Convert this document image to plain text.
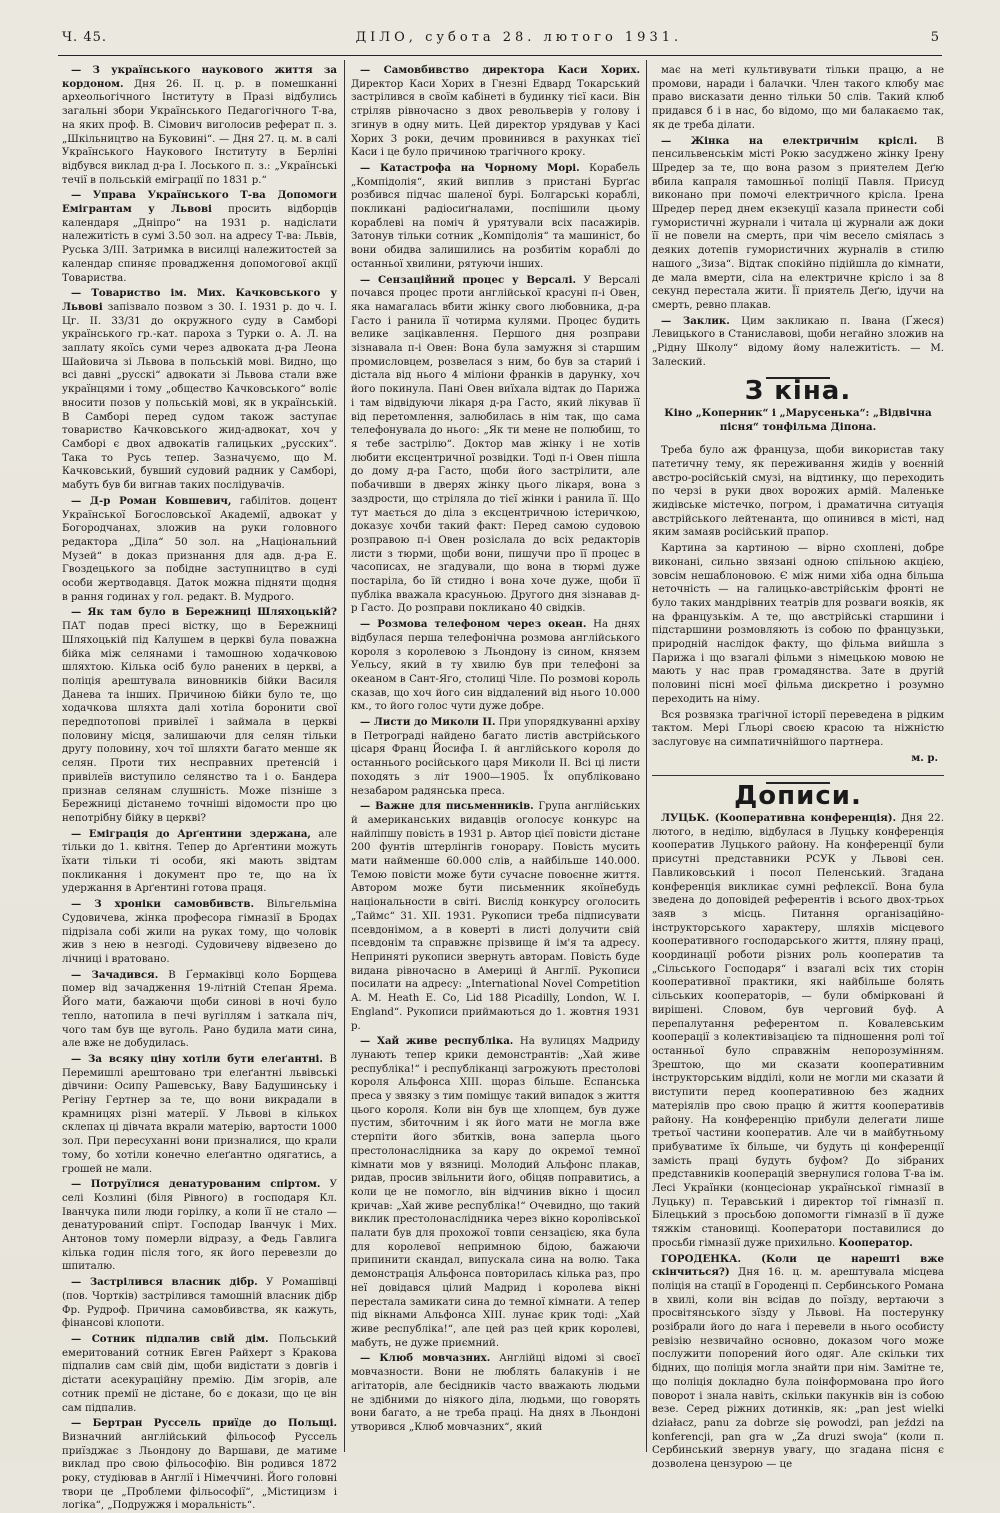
Ч. 45.	ДІЛО, субота 28. лютого 1931.	5

— З українського наукового життя за кордоном. Дня 26. II. ц. р. в помешканні археольогічного Інституту в Празі відбулись загальні збори Українського Педагогічного Т-ва, на яких проф. В. Сімович виголосив реферат п. з. „Шкільництво на Буковині“. — Дня 27. ц. м. в салі Українського Наукового Інституту в Берліні відбувся виклад д-ра І. Лоського п. з.: „Українські течії в польській еміграції по 1831 р.“

— Управа Українського Т-ва Допомоги Емігрантам у Львові просить відборців календаря „Дніпро“ на 1931 р. надіслати належитість в сумі 3.50 зол. на адресу Т-ва: Львів, Руська 3/III. Затримка в висилці належитостей за календар спиняє провадження допомогової акції Товариства.

— Товариство ім. Мих. Качковського у Львові запізвало позвом з 30. I. 1931 р. до ч. I. Цг. II. 33/31 до окружного суду в Самборі українського гр.-кат. пароха з Турки о. А. Л. на заплату якоїсь суми через адвоката д-ра Леона Шайовича зі Львова в польській мові. Видно, що всі давні „русскі“ адвокати зі Львова стали вже українцями і тому „общество Качковського“ воліє вносити позов у польській мові, як в українській. В Самборі перед судом також заступає товариство Качковського жид-адвокат, хоч у Самборі є двох адвокатів галицьких „русских“. Така то Русь тепер. Зазначуємо, що М. Качковський, бувший судовий радник у Самборі, мабуть був би вигнав таких послідувачів.

— Д-р Роман Ковшевич, габілітов. доцент Української Богословської Академії, адвокат у Богородчанах, зложив на руки головного редактора „Діла“ 50 зол. на „Національний Музей“ в доказ признання для адв. д-ра Е. Гвоздецького за побідне заступництво в суді особи жертводавця. Даток можна підняти щодня в рання годинах у гол. редакт. В. Мудрого.

— Як там було в Бережниці Шляхоцькій? ПАТ подав пресі вістку, що в Бережниці Шляхоцькій під Калушем в церкві була поважна бійка між селянами і тамошною ходачковою шляхтою. Кілька осіб було ранених в церкві, а поліція арештувала виновників бійки Василя Данева та інших. Причиною бійки було те, що ходачкова шляхта далі хотіла боронити свої передпотопові привілеї і займала в церкві половину місця, залишаючи для селян тільки другу половину, хоч тої шляхти багато менше як селян. Проти тих несправних претенсій і привілеїв виступило селянство та і о. Бандера признав селянам слушність. Може пізніше з Бережниці дістанемо точніші відомости про цю непотрібну бійку в церкві?

— Еміграція до Арґентини здержана, але тільки до 1. квітня. Тепер до Арґентини можуть їхати тільки ті особи, які мають звідтам покликання і документ про те, що на їх удержання в Арґентині готова праця.

— З хроніки самовбивств. Вільгельміна Судовичева, жінка професора гімназії в Бродах підрізала собі жили на руках тому, що чоловік жив з нею в незгоді. Судовичеву відвезено до лічниці і вратовано.

— Зачадився. В Ґермаківці коло Борщева помер від зачадження 19-літній Степан Ярема. Його мати, бажаючи щоби синові в ночі було тепло, натопила в печі вугіллям і заткала піч, чого там був ще вуголь. Рано будила мати сина, але вже не добудилась.

— За всяку ціну хотіли бути елеґантні. В Перемишлі арештовано три елеґантні львівські дівчини: Осипу Рашевську, Ваву Бадушинську і Регіну Гертнер за те, що вони викрадали в крамницях різні матерії. У Львові в кількох склепах ці дівчата вкрали матерію, вартости 1000 зол. При пересуханні вони призналися, що крали тому, бо хотіли конечно елеґантно одягатись, а грошей не мали.

— Потруїлися денатурованим спіртом. У селі Козлині (біля Рівного) в господаря Кл. Іванчука пили люди горілку, а коли її не стало — денатурований спірт. Господар Іванчук і Мих. Антонов тому померли відразу, а Федь Гавлига кілька годин після того, як його перевезли до шпиталю.

— Застрілився власник дібр. У Ромашівці (пов. Чортків) застрілився тамошній власник дібр Фр. Рудроф. Причина самовбивства, як кажуть, фінансові клопоти.

— Сотник підпалив свій дім. Польський емеритований сотник Евген Райхерт з Кракова підпалив сам свій дім, щоби видістати з довгів і дістати асекураційну премію. Дім згорів, але сотник премії не дістане, бо є докази, що це він сам підпалив.

— Бертран Руссель приїде до Польщі. Визначний англійський фільософ Руссель приїзджає з Льондону до Варшави, де матиме виклад про свою фільософію. Він родився 1872 року, студіював в Англії і Німеччині. Його головні твори це „Проблеми фільософії“, „Містицизм і логіка“, „Подружжя і моральність“.

— Самовбивство директора Каси Хорих. Директор Каси Хорих в Гнезні Едвард Токарський застрілився в своїм кабінеті в будинку тієї каси. Він стріляв рівночасно з двох револьверів у голову і згинув в одну мить. Цей директор урядував у Касі Хорих 3 роки, дечим провинився в рахунках тієї Каси і це було причиною трагічного кроку.

— Катастрофа на Чорному Морі. Корабель „Компідолія“, який виплив з пристані Бурґас розбився підчас шаленої бурі. Болгарські кораблі, покликані радіосиґналами, поспішили цьому кораблеві на поміч й урятували всіх пасажирів. Затонув тільки сотник „Компідолія“ та машиніст, бо вони обидва залишились на розбитім кораблі до останньої хвилини, рятуючи інших.

— Сензаційний процес у Версалі. У Версалі почався процес проти англійської красуні п-і Овен, яка намагалась вбити жінку свого любовника, д-ра Гасто і ранила її чотирма кулями. Процес будить велике зацікавлення. Першого дня розправи зізнавала п-і Овен: Вона була замужня зі старшим промисловцем, розвелася з ним, бо був за старий і дістала від нього 4 міліони франків в дарунку, хоч його покинула. Пані Овен виїхала відтак до Парижа і там відвідуючи лікаря д-ра Гасто, який лікував її від перетомлення, залюбилась в нім так, що сама телефонувала до нього: „Як ти мене не полюбиш, то я тебе застрілю“. Доктор мав жінку і не хотів любити ексцентричної розвідки. Тоді п-і Овен пішла до дому д-ра Гасто, щоби його застрілити, але побачивши в дверях жінку цього лікаря, вона з заздрости, що стріляла до тієї жінки і ранила її. Що тут мається до діла з ексцентричною істеричкою, доказує хочби такий факт: Перед самою судовою розправою п-і Овен розіслала до всіх редакторів листи з тюрми, щоби вони, пишучи про її процес в часописах, не згадували, що вона в тюрмі дуже постаріла, бо їй стидно і вона хоче дуже, щоби її публіка вважала красуньою. Другого дня зізнавав д-р Гасто. До розправи покликано 40 свідків.

— Розмова телефоном через океан. На днях відбулася перша телефонічна розмова англійського короля з королевою з Льондону із сином, князем Уельсу, який в ту хвилю був при телефоні за океаном в Сант-Яго, столиці Чіле. По розмові король сказав, що хоч його син віддалений від нього 10.000 км., то його голос чути дуже добре.

— Листи до Миколи II. При упорядкуванні архіву в Петрограді найдено багато листів австрійського цісаря Франц Йосифа I. й англійського короля до останнього російського царя Миколи II. Всі ці листи походять з літ 1900—1905. Їх опубліковано незабаром радянська преса.

— Важне для письменників. Група англійських й американських видавців оголосує конкурс на найліпшу повість в 1931 р. Автор цієї повісти дістане 200 фунтів штерлінгів гонорару. Повість мусить мати найменше 60.000 слів, а найбільше 140.000. Темою повісти може бути сучасне повоєнне життя. Автором може бути письменник якоїнебудь національности в світі. Вислід конкурсу оголосить „Таймс“ 31. XII. 1931. Рукописи треба підписувати псевдонімом, а в коверті в листі долучити свій псевдонім та справжнє прізвище й ім'я та адресу. Неприняті рукописи звернуть авторам. Повість буде видана рівночасно в Америці й Англії. Рукописи посилати на адресу: „International Novel Competition A. M. Heath E. Co, Lid 188 Picadilly, London, W. I. England“. Рукописи приймаються до 1. жовтня 1931 р.

— Хай живе республіка. На вулицях Мадриду лунають тепер крики демонстрантів: „Хай живе республіка!“ і республіканці загрожують престолові короля Альфонса XIII. щораз більше. Еспанська преса у звязку з тим поміщує такий випадок з життя цього короля. Коли він був ще хлопцем, був дуже пустим, збиточним і як його мати не могла вже стерпіти його збитків, вона заперла цього престолонаслідника за кару до окремої темної кімнати мов у вязниці. Молодий Альфонс плакав, ридав, просив звільнити його, обіцяв поправитись, а коли це не помогло, він відчинив вікно і щосил кричав: „Хай живе республіка!“ Очевидно, що такий виклик престолонаслідника через вікно королівської палати був для прохожої товпи сензацією, яка була для королевої непримною бідою, бажаючи припинити скандал, випускала сина на волю. Така демонстрація Альфонса повторилась кілька раз, про неї довідався цілий Мадрид і королева вікні перестала замикати сина до темної кімнати. А тепер під вікнами Альфонса XIII. лунає крик тоді: „Хай живе республіка!“, але цей раз цей крик королеві, мабуть, не дуже приємний.

— Клюб мовчазних. Англійці відомі зі своєї мовчазности. Вони не люблять балакунів і не агітаторів, але бесідників часто вважають людьми не здібними до ніякого діла, людьми, що говорять вони багато, а не треба праці. На днях в Льондоні утворився „Клюб мовчазних“, який

має на меті культивувати тільки працю, а не промови, наради і балачки. Член такого клюбу має право висказати денно тільки 50 слів. Такий клюб придався б і в нас, бо відомо, що ми балакаємо так, як де треба ділати.

— Жінка на електричнім кріслі. В пенсильвенськім місті Рокю засуджено жінку Ірену Шредер за те, що вона разом з приятелем Деґю вбила капраля тамошньої поліції Павля. Присуд виконано при помочі електричного крісла. Ірена Шредер перед днем екзекуції казала принести собі гумористичні журнали і читала ці журнали аж доки її не повели на смерть, при чім весело сміялась з деяких дотепів гумористичних журналів в стилю нашого „Зиза“. Відтак спокійно підійшла до кімнати, де мала вмерти, сіла на електричне крісло і за 8 секунд перестала жити. Її приятель Деґю, ідучи на смерть, ревно плакав.

— Заклик. Цим закликаю п. Івана (Ґжеся) Левицького в Станиславові, щоби негайно зложив на „Рідну Школу“ відому йому належитість. — М. Залеский.

З кіна.
Кіно „Коперник“ і „Марусенька“: „Відвічна пісня“ тонфільма Діпона.

Треба було аж француза, щоби використав таку патетичну тему, як переживання жидів у воєнній австро-російській смузі, на відтинку, що переходить по черзі в руки двох ворожих армій. Маленьке жидівське містечко, погром, і драматична ситуація австрійського лейтенанта, що опинився в місті, над яким замаяв російський прапор.

Картина за картиною — вірно схоплені, добре виконані, сильно звязані одною спільною акцією, зовсім нешаблоновою. Є між ними хіба одна більша неточність — на галицько-австрійськім фронті не було таких мандрівних театрів для розваги вояків, як на французькім. А те, що австрійські старшини і підстаршини розмовляють із собою по французьки, природній наслідок факту, що фільма вийшла з Парижа і що взагалі фільми з німецькою мовою не мають у нас прав громадянства. Зате в другій половині пісні моєї фільма дискретно і розумно переходить на німу.

Вся розвязка трагічної історії переведена в рідким тактом. Мері Ґльорі своєю красою та ніжністю заслуговує на симпатичнійшого партнера.

м. р.
Дописи.

ЛУЦЬК. (Кооперативна конференція). Дня 22. лютого, в неділю, відбулася в Луцьку конференція кооператив Луцького району. На конференції були присутні представники РСУК у Львові сен. Павликовський і посол Пеленський. Згадана конференція викликає сумні рефлексії. Вона була зведена до доповідей референтів і всього двох-трьох заяв з місць. Питання організаційно-інструкторського характеру, шляхів місцевого кооперативного господарського життя, пляну праці, координації роботи різних роль кооператив та „Сільського Господаря“ і взагалі всіх тих сторін кооперативної практики, які найбільше болять сільських кооператорів, — були обмірковані й вирішені. Словом, був черговий буф. А перепалутання референтом п. Ковалевським кооперації з колективізацією та підношення ролі тої останньої було справжнім непорозумінням. Зрештою, що ми сказати кооперативним інструкторським відділі, коли не могли ми сказати й виступити перед кооперативною без жадних матеріялів про свою працю й життя кооперативів району. На конференцію прибули делегати лише третьої частини кооператив. Але чи в майбутньому прибуватиме їх більше, чи будуть ці конференції замість праці будуть буфом? До зібраних представників кооперацій звернулися голова Т-ва ім. Лесі Українки (концесіонар української гімназії в Луцьку) п. Теравський і директор тої гімназії п. Білецький з просьбою допомогти гімназії в її дуже тяжкім становищі. Кооператори поставилися до просьби гімназії дуже прихильно. Кооператор.

ГОРОДЕНКА. (Коли це нарешті вже скінчиться?) Дня 16. ц. м. арештувала місцева поліція на стації в Городенці п. Сербинського Романа в хвилі, коли він всідав до поїзду, вертаючи з просвітянського зїзду у Львові. На постерунку розібрали його до нага і перевели в нього особисту ревізію незвичайно основно, доказом чого може послужити попорений його одяг. Але скільки тих бідних, що поліція могла знайти при нім. Замітне те, що поліція докладно була поінформована про його поворот і знала навіть, скільки пакунків він із собою везе. Серед ріжних дотинків, як: „pan jest wielki działacz, panu za dobrze się powodzi, pan jeździ na konferencji, pan gra w „Za druzi swoja“ (коли п. Сербинський звернув увагу, що згадана пісня є дозволена цензурою — це
